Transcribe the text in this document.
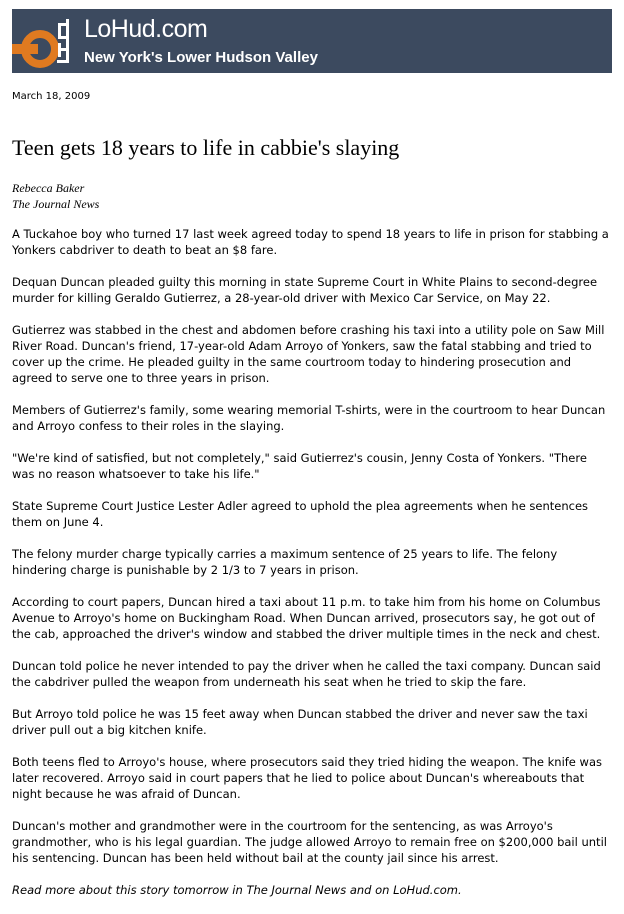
LoHud.com
New York's Lower Hudson Valley
March 18, 2009
Teen gets 18 years to life in cabbie's slaying
Rebecca Baker
The Journal News

A Tuckahoe boy who turned 17 last week agreed today to spend 18 years to life in prison for stabbing a Yonkers cabdriver to death to beat an $8 fare.

Dequan Duncan pleaded guilty this morning in state Supreme Court in White Plains to second-degree murder for killing Geraldo Gutierrez, a 28-year-old driver with Mexico Car Service, on May 22.

Gutierrez was stabbed in the chest and abdomen before crashing his taxi into a utility pole on Saw Mill River Road. Duncan's friend, 17-year-old Adam Arroyo of Yonkers, saw the fatal stabbing and tried to cover up the crime. He pleaded guilty in the same courtroom today to hindering prosecution and agreed to serve one to three years in prison.

Members of Gutierrez's family, some wearing memorial T-shirts, were in the courtroom to hear Duncan and Arroyo confess to their roles in the slaying.

"We're kind of satisfied, but not completely," said Gutierrez's cousin, Jenny Costa of Yonkers. "There was no reason whatsoever to take his life."

State Supreme Court Justice Lester Adler agreed to uphold the plea agreements when he sentences them on June 4.

The felony murder charge typically carries a maximum sentence of 25 years to life. The felony hindering charge is punishable by 2 1/3 to 7 years in prison.

According to court papers, Duncan hired a taxi about 11 p.m. to take him from his home on Columbus Avenue to Arroyo's home on Buckingham Road. When Duncan arrived, prosecutors say, he got out of the cab, approached the driver's window and stabbed the driver multiple times in the neck and chest.

Duncan told police he never intended to pay the driver when he called the taxi company. Duncan said the cabdriver pulled the weapon from underneath his seat when he tried to skip the fare.

But Arroyo told police he was 15 feet away when Duncan stabbed the driver and never saw the taxi driver pull out a big kitchen knife.

Both teens fled to Arroyo's house, where prosecutors said they tried hiding the weapon. The knife was later recovered. Arroyo said in court papers that he lied to police about Duncan's whereabouts that night because he was afraid of Duncan.

Duncan's mother and grandmother were in the courtroom for the sentencing, as was Arroyo's grandmother, who is his legal guardian. The judge allowed Arroyo to remain free on $200,000 bail until his sentencing. Duncan has been held without bail at the county jail since his arrest.

Read more about this story tomorrow in The Journal News and on LoHud.com.
